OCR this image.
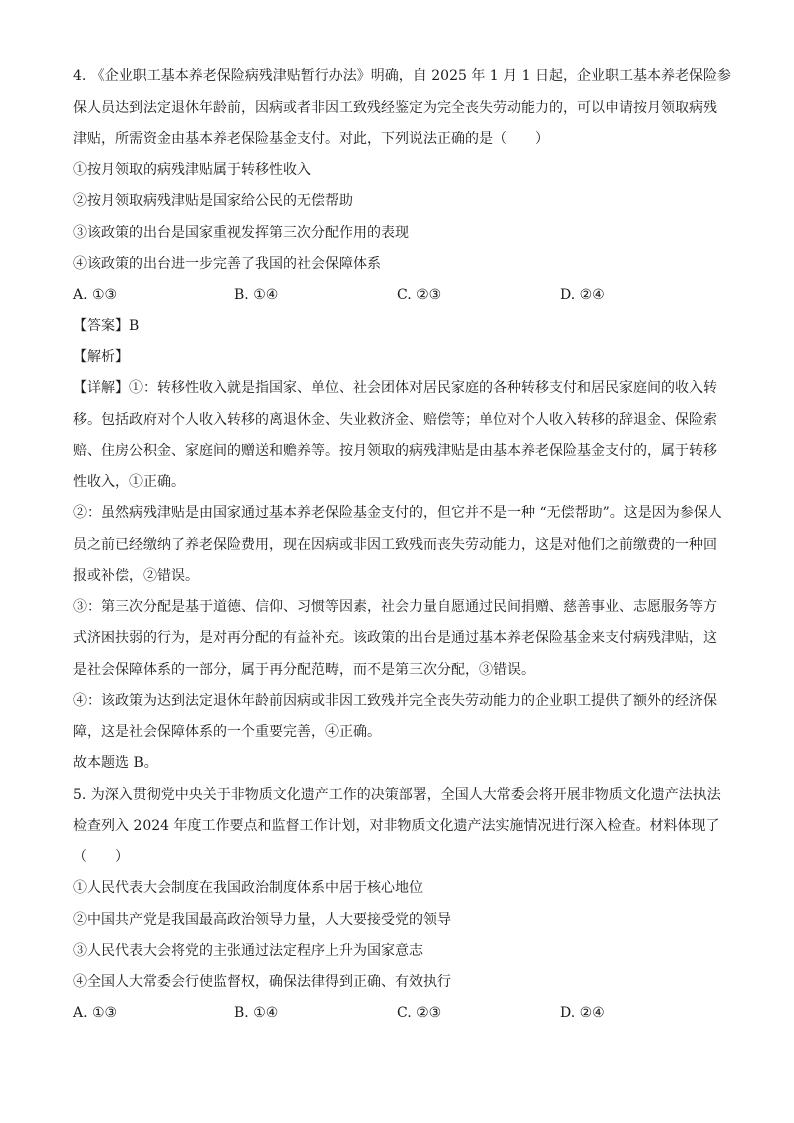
4. 《企业职工基本养老保险病残津贴暂行办法》明确，自 2025 年 1 月 1 日起，企业职工基本养老保险参
保人员达到法定退休年龄前，因病或者非因工致残经鉴定为完全丧失劳动能力的，可以申请按月领取病残
津贴，所需资金由基本养老保险基金支付。对此，下列说法正确的是（　　）
①按月领取的病残津贴属于转移性收入
②按月领取病残津贴是国家给公民的无偿帮助
③该政策的出台是国家重视发挥第三次分配作用的表现
④该政策的出台进一步完善了我国的社会保障体系
A. ①③	B. ①④	C. ②③	D. ②④
【答案】B
【解析】
【详解】①：转移性收入就是指国家、单位、社会团体对居民家庭的各种转移支付和居民家庭间的收入转
移。包括政府对个人收入转移的离退休金、失业救济金、赔偿等；单位对个人收入转移的辞退金、保险索
赔、住房公积金、家庭间的赠送和赡养等。按月领取的病残津贴是由基本养老保险基金支付的，属于转移
性收入，①正确。
②：虽然病残津贴是由国家通过基本养老保险基金支付的，但它并不是一种 “无偿帮助”。这是因为参保人
员之前已经缴纳了养老保险费用，现在因病或非因工致残而丧失劳动能力，这是对他们之前缴费的一种回
报或补偿，②错误。
③：第三次分配是基于道德、信仰、习惯等因素，社会力量自愿通过民间捐赠、慈善事业、志愿服务等方
式济困扶弱的行为，是对再分配的有益补充。该政策的出台是通过基本养老保险基金来支付病残津贴，这
是社会保障体系的一部分，属于再分配范畴，而不是第三次分配，③错误。
④：该政策为达到法定退休年龄前因病或非因工致残并完全丧失劳动能力的企业职工提供了额外的经济保
障，这是社会保障体系的一个重要完善，④正确。
故本题选 B。
5. 为深入贯彻党中央关于非物质文化遗产工作的决策部署，全国人大常委会将开展非物质文化遗产法执法
检查列入 2024 年度工作要点和监督工作计划，对非物质文化遗产法实施情况进行深入检查。材料体现了
（　　）
①人民代表大会制度在我国政治制度体系中居于核心地位
②中国共产党是我国最高政治领导力量，人大要接受党的领导
③人民代表大会将党的主张通过法定程序上升为国家意志
④全国人大常委会行使监督权，确保法律得到正确、有效执行
A. ①③	B. ①④	C. ②③	D. ②④
